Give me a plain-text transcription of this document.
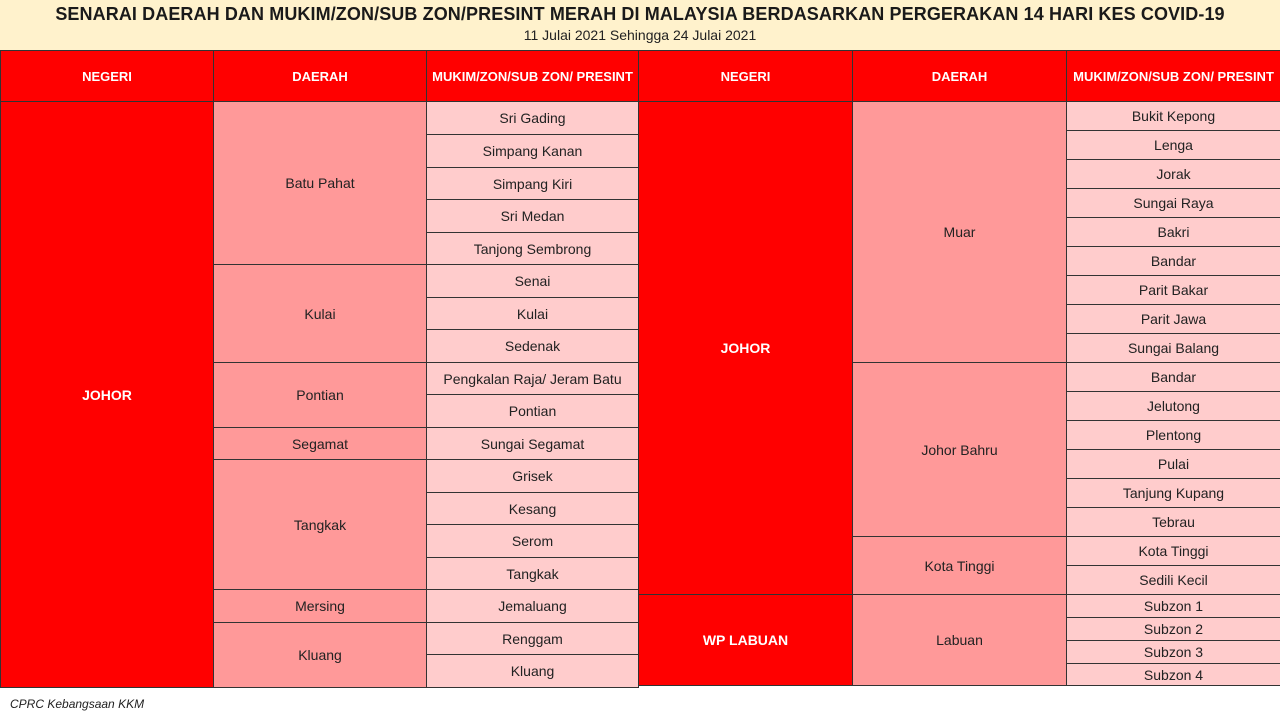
SENARAI DAERAH DAN MUKIM/ZON/SUB ZON/PRESINT MERAH DI MALAYSIA BERDASARKAN PERGERAKAN 14 HARI KES COVID-19
11 Julai 2021 Sehingga 24 Julai 2021
NEGERI	DAERAH	MUKIM/ZON/SUB ZON/ PRESINT
JOHOR	Batu Pahat	Sri Gading
		Simpang Kanan
		Simpang Kiri
		Sri Medan
		Tanjong Sembrong
	Kulai	Senai
		Kulai
		Sedenak
	Pontian	Pengkalan Raja/ Jeram Batu
		Pontian
	Segamat	Sungai Segamat
	Tangkak	Grisek
		Kesang
		Serom
		Tangkak
	Mersing	Jemaluang
	Kluang	Renggam
		Kluang
NEGERI	DAERAH	MUKIM/ZON/SUB ZON/ PRESINT
JOHOR	Muar	Bukit Kepong
		Lenga
		Jorak
		Sungai Raya
		Bakri
		Bandar
		Parit Bakar
		Parit Jawa
		Sungai Balang
	Johor Bahru	Bandar
		Jelutong
		Plentong
		Pulai
		Tanjung Kupang
		Tebrau
	Kota Tinggi	Kota Tinggi
		Sedili Kecil
WP LABUAN	Labuan	Subzon 1
		Subzon 2
		Subzon 3
		Subzon 4
CPRC Kebangsaan KKM
